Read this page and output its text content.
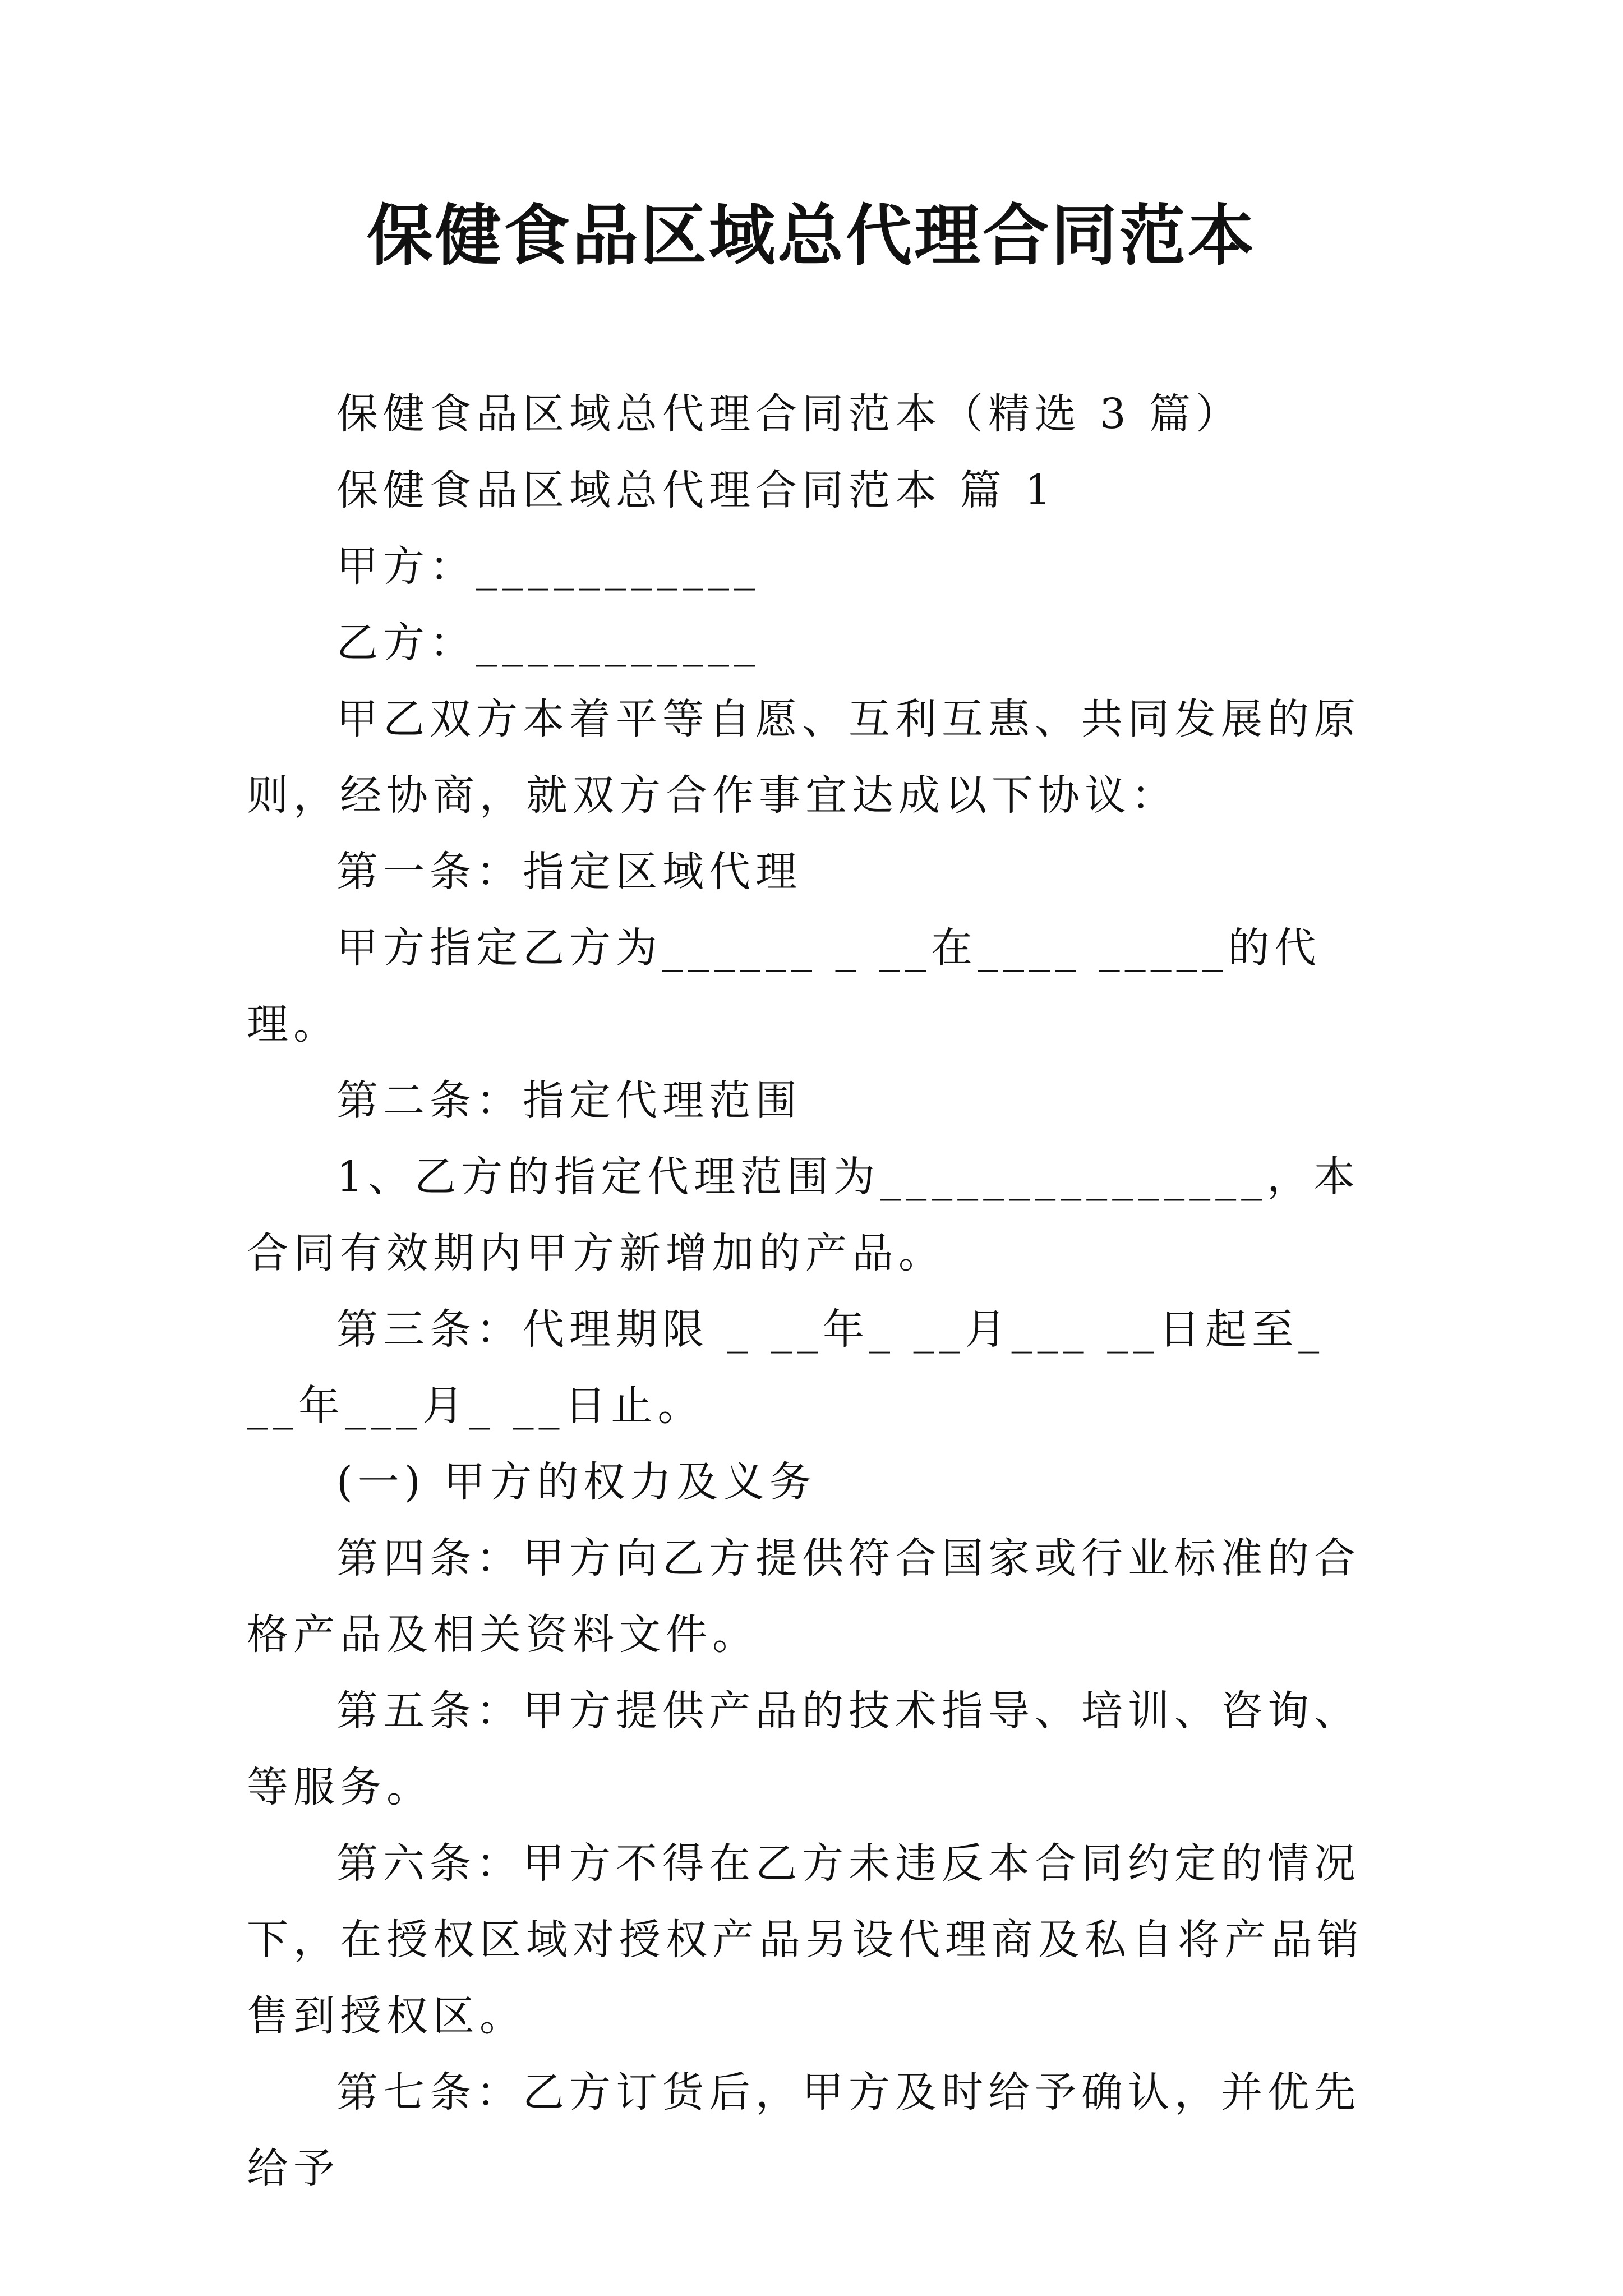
保健食品区域总代理合同范本

保健食品区域总代理合同范本（精选 3 篇）

保健食品区域总代理合同范本 篇 1

甲方：___________

乙方：___________

甲乙双方本着平等自愿、互利互惠、共同发展的原则，经协商，就双方合作事宜达成以下协议：

第一条：指定区域代理

甲方指定乙方为______ _ __在____ _____的代理。

第二条：指定代理范围

1、乙方的指定代理范围为_______________，本合同有效期内甲方新增加的产品。

第三条：代理期限 _ __年_ __月___ __日起至_ __年___月_ __日止。

(一) 甲方的权力及义务

第四条：甲方向乙方提供符合国家或行业标准的合格产品及相关资料文件。

第五条：甲方提供产品的技术指导、培训、咨询、等服务。

第六条：甲方不得在乙方未违反本合同约定的情况下，在授权区域对授权产品另设代理商及私自将产品销售到授权区。

第七条：乙方订货后，甲方及时给予确认，并优先给予
